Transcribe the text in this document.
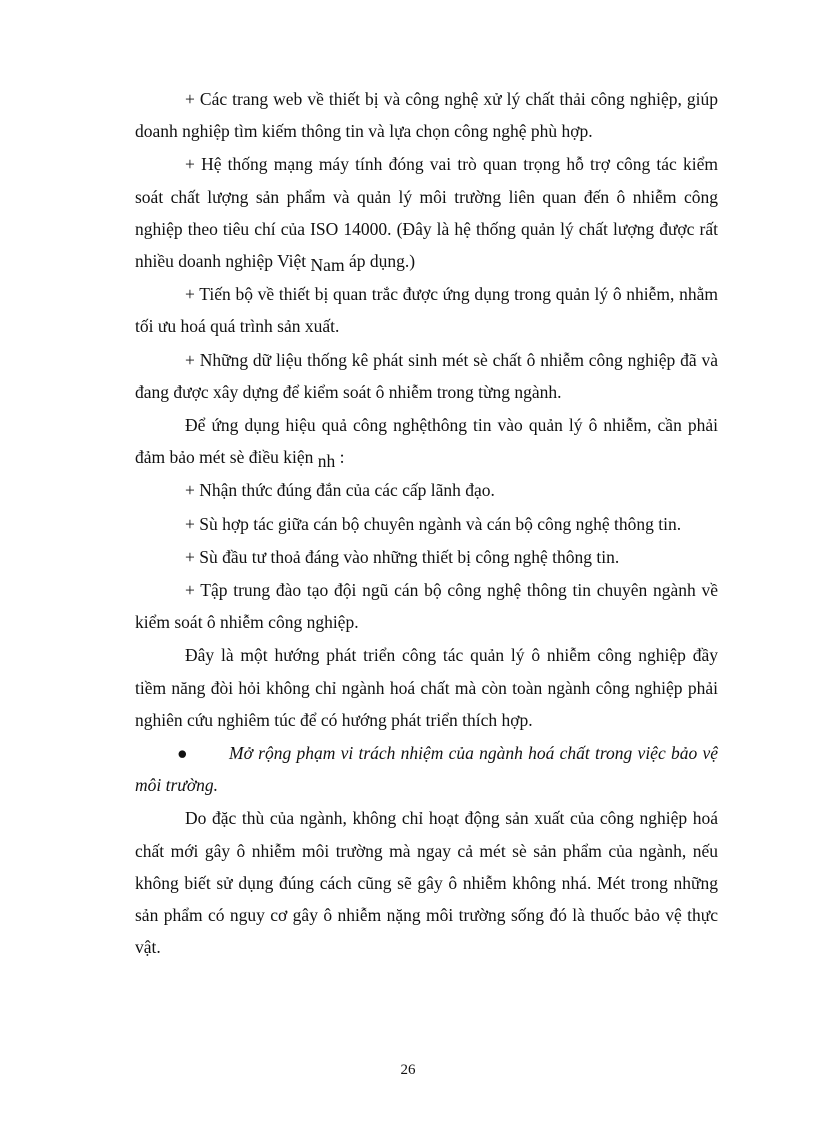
+ Các trang web về thiết bị và công nghệ xử lý chất thải công nghiệp, giúp doanh nghiệp tìm kiếm thông tin và lựa chọn công nghệ phù hợp.

+ Hệ thống mạng máy tính đóng vai trò quan trọng hỗ trợ công tác kiểm soát chất lượng sản phẩm và quản lý môi trường liên quan đến ô nhiễm công nghiệp theo tiêu chí của ISO 14000. (Đây là hệ thống quản lý chất lượng được rất nhiều doanh nghiệp Việt Nam áp dụng.)

+ Tiến bộ về thiết bị quan trắc được ứng dụng trong quản lý ô nhiễm, nhằm tối ưu hoá quá trình sản xuất.

+ Những dữ liệu thống kê phát sinh mét sè chất ô nhiễm công nghiệp đã và đang được xây dựng để kiểm soát ô nhiễm trong từng ngành.

Để ứng dụng hiệu quả công nghệthông tin vào quản lý ô nhiễm, cần phải đảm bảo mét sè điều kiện nh :

+ Nhận thức đúng đắn của các cấp lãnh đạo.

+ Sù hợp tác giữa cán bộ chuyên ngành và cán bộ công nghệ thông tin.

+ Sù đầu tư thoả đáng vào những thiết bị công nghệ thông tin.

+ Tập trung đào tạo đội ngũ cán bộ công nghệ thông tin chuyên ngành về kiểm soát ô nhiễm công nghiệp.

Đây là một hướng phát triển công tác quản lý ô nhiễm công nghiệp đầy tiềm năng đòi hỏi không chỉ ngành hoá chất mà còn toàn ngành công nghiệp phải nghiên cứu nghiêm túc để có hướng phát triển thích hợp.

● Mở rộng phạm vi trách nhiệm của ngành hoá chất trong việc bảo vệ môi trường.

Do đặc thù của ngành, không chỉ hoạt động sản xuất của công nghiệp hoá chất mới gây ô nhiễm môi trường mà ngay cả mét sè sản phẩm của ngành, nếu không biết sử dụng đúng cách cũng sẽ gây ô nhiễm không nhá. Mét trong những sản phẩm có nguy cơ gây ô nhiễm nặng môi trường sống đó là thuốc bảo vệ thực vật.

26
